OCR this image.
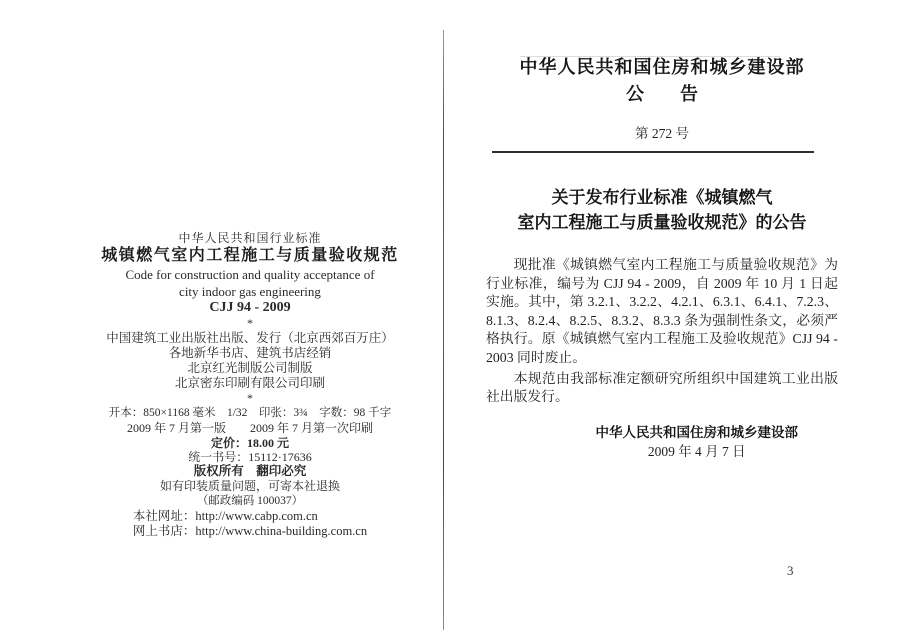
中华人民共和国行业标准
城镇燃气室内工程施工与质量验收规范
Code for construction and quality acceptance of
city indoor gas engineering
CJJ 94 - 2009
*
中国建筑工业出版社出版、发行（北京西郊百万庄）
各地新华书店、建筑书店经销
北京红光制版公司制版
北京密东印刷有限公司印刷
*
开本：850×1168 毫米　1/32　印张：3¾　字数：98 千字
2009 年 7 月第一版　　2009 年 7 月第一次印刷
定价：18.00 元
统一书号：15112·17636
版权所有　翻印必究
如有印装质量问题，可寄本社退换
（邮政编码 100037）
本社网址：http://www.cabp.com.cn
网上书店：http://www.china-building.com.cn
中华人民共和国住房和城乡建设部
公　　告
第 272 号
关于发布行业标准《城镇燃气
室内工程施工与质量验收规范》的公告

现批准《城镇燃气室内工程施工与质量验收规范》为行业标准，编号为 CJJ 94 - 2009，自 2009 年 10 月 1 日起实施。其中，第 3.2.1、3.2.2、4.2.1、6.3.1、6.4.1、7.2.3、8.1.3、8.2.4、8.2.5、8.3.2、8.3.3 条为强制性条文，必须严格执行。原《城镇燃气室内工程施工及验收规范》CJJ 94 - 2003 同时废止。

本规范由我部标准定额研究所组织中国建筑工业出版社出版发行。

中华人民共和国住房和城乡建设部
2009 年 4 月 7 日
3
